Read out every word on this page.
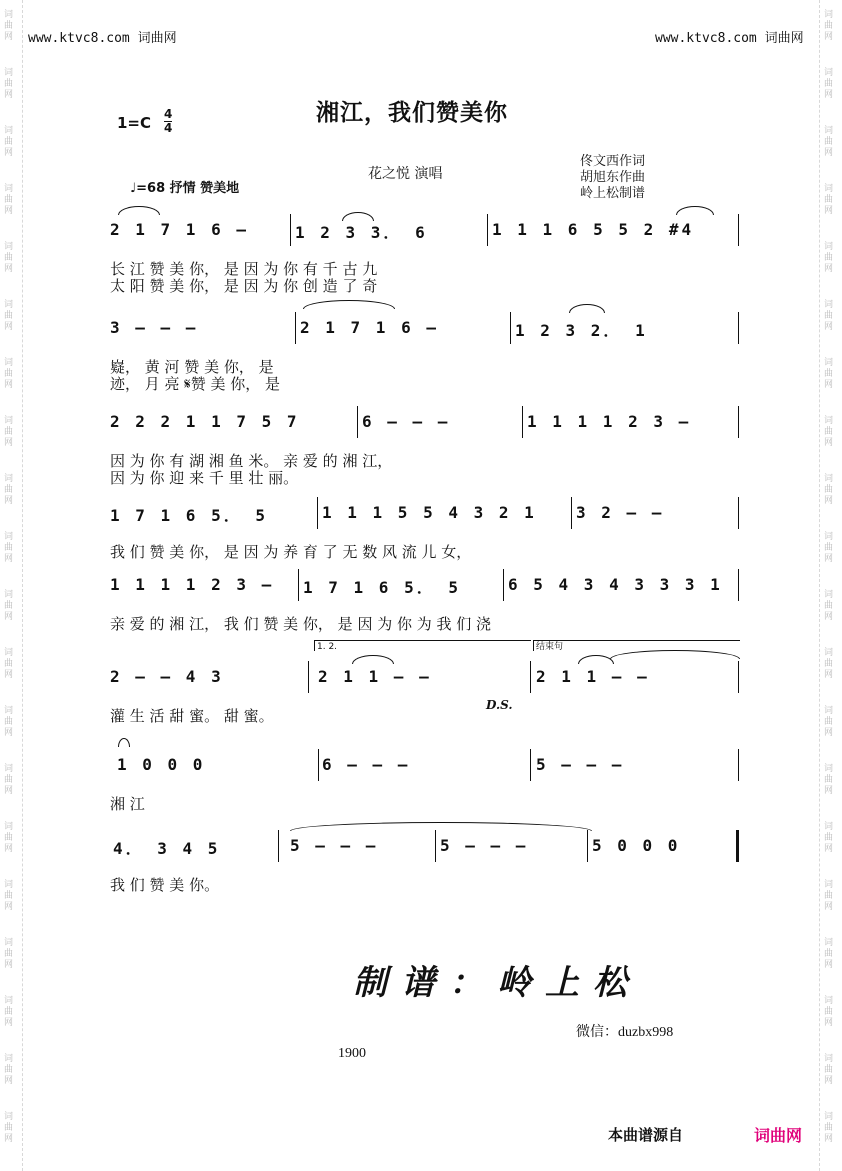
词
曲
网
词
曲
网
词
曲
网
词
曲
网
词
曲
网
词
曲
网
词
曲
网
词
曲
网
词
曲
网
词
曲
网
词
曲
网
词
曲
网
词
曲
网
词
曲
网
词
曲
网
词
曲
网
词
曲
网
词
曲
网
词
曲
网
词
曲
网
词
曲
网
词
曲
网
词
曲
网
词
曲
网
词
曲
网
词
曲
网
词
曲
网
词
曲
网
词
曲
网
词
曲
网
词
曲
网
词
曲
网
词
曲
网
词
曲
网
词
曲
网
词
曲
网
词
曲
网
词
曲
网
词
曲
网
词
曲
网
www.ktvc8.com 词曲网	www.ktvc8.com 词曲网
$1=C \frac{4}{4}$	湘江，我们赞美你
♩=68 抒情 赞美地
花之悦 演唱
佟文西作词
胡旭东作曲
岭上松制谱
2 1 7 1 6 –	1 2 3 3． 6	1 1 1 6 5 5 2 #4
长 江 赞 美 你， 是 因 为 你 有 千 古 九
太 阳 赞 美 你， 是 因 为 你 创 造 了 奇
3 – – –	2 1 7 1 6 –	1 2 3 2． 1
嶷， 黄 河 赞 美 你， 是
迹， 月 亮 𝄋赞 美 你， 是
2 2 2 1 1 7 5 7	6 – – –	1 1 1 1 2 3 –
因 为 你 有 湖 湘 鱼 米。 亲 爱 的 湘 江，
因 为 你 迎 来 千 里 壮 丽。
1 7 1 6 5． 5	1 1 1 5 5 4 3 2 1 3 2 – –
我 们 赞 美 你， 是 因 为 养 育 了 无 数 风 流 儿 女，
1 1 1 1 2 3 – 1 7 1 6 5． 5	6 5 4 3 4 3 3 3 1
亲 爱 的 湘 江， 我 们 赞 美 你， 是 因 为 你 为 我 们 浇
2 – – 4 3	2 1 1 – –	2 1 1 – –
灌 生 活 甜 蜜。 甜 蜜。
1 0 0 0	6 – – –	5 – – –
湘 江
4． 3 4 5	5 – – –	5 – – –	5 0 0 0
我 们 赞 美 你。
1. 2.	结束句
D.S.
制谱：岭上松
微信：duzbx998
1900
本曲谱源自	词曲网
